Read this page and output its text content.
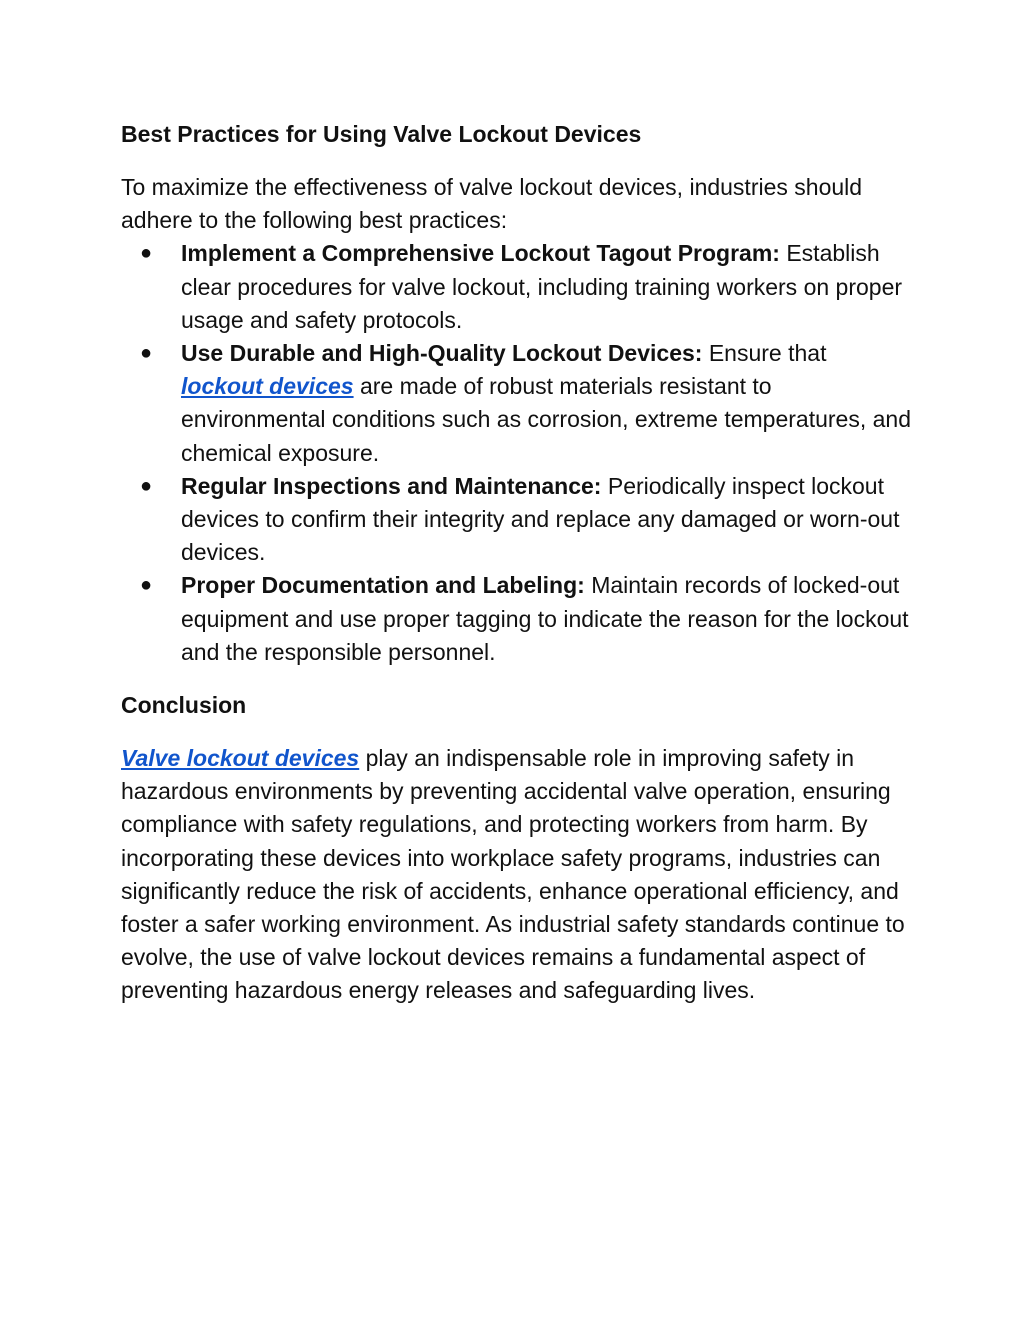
Best Practices for Using Valve Lockout Devices

To maximize the effectiveness of valve lockout devices, industries should adhere to the following best practices:

● Implement a Comprehensive Lockout Tagout Program: Establish clear procedures for valve lockout, including training workers on proper usage and safety protocols.
● Use Durable and High-Quality Lockout Devices: Ensure that lockout devices are made of robust materials resistant to environmental conditions such as corrosion, extreme temperatures, and chemical exposure.
● Regular Inspections and Maintenance: Periodically inspect lockout devices to confirm their integrity and replace any damaged or worn-out devices.
● Proper Documentation and Labeling: Maintain records of locked-out equipment and use proper tagging to indicate the reason for the lockout and the responsible personnel.
Conclusion

Valve lockout devices play an indispensable role in improving safety in hazardous environments by preventing accidental valve operation, ensuring compliance with safety regulations, and protecting workers from harm. By incorporating these devices into workplace safety programs, industries can significantly reduce the risk of accidents, enhance operational efficiency, and foster a safer working environment. As industrial safety standards continue to evolve, the use of valve lockout devices remains a fundamental aspect of preventing hazardous energy releases and safeguarding lives.
